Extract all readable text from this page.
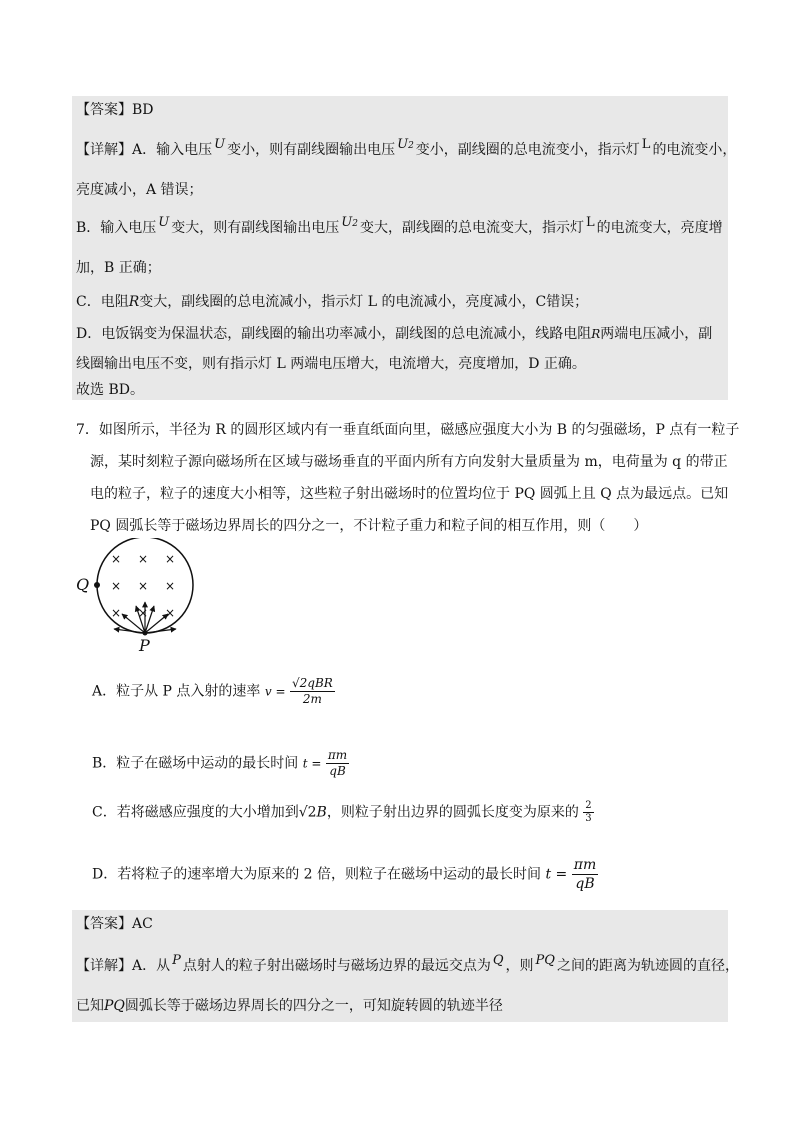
【答案】BD
【详解】A．输入电压 U 变小，则有副线圈输出电压 U2 变小，副线圈的总电流变小，指示灯 L 的电流变小，
亮度减小，A 错误；
B．输入电压 U 变大，则有副线图输出电压 U2 变大，副线圈的总电流变大，指示灯 L 的电流变大，亮度增
加，B 正确；
C．电阻R变大，副线圈的总电流减小，指示灯 L 的电流减小，亮度减小，C错误；
D．电饭锅变为保温状态，副线圈的输出功率减小，副线图的总电流减小，线路电阻R两端电压减小，副
线圈输出电压不变，则有指示灯 L 两端电压增大，电流增大，亮度增加，D 正确。
故选 BD。
7．如图所示，半径为 R 的圆形区域内有一垂直纸面向里，磁感应强度大小为 B 的匀强磁场，P 点有一粒子
源，某时刻粒子源向磁场所在区域与磁场垂直的平面内所有方向发射大量质量为 m，电荷量为 q 的带正
电的粒子，粒子的速度大小相等，这些粒子射出磁场时的位置均位于 PQ 圆弧上且 Q 点为最远点。已知
PQ 圆弧长等于磁场边界周长的四分之一，不计粒子重力和粒子间的相互作用，则（　　）
× × ×
× × ×
× × ×
Q
P
A．粒子从 P 点入射的速率 $v = \frac{\text{√2qBR}}{2m}$
B．粒子在磁场中运动的最长时间 $t = \frac{\pi m}{qB}$
C．若将磁感应强度的大小增加到√2B，则粒子射出边界的圆弧长度变为原来的 $\frac{2}{3}$
D．若将粒子的速率增大为原来的 2 倍，则粒子在磁场中运动的最长时间 $t = \frac{\pi m}{qB}$
【答案】AC
【详解】A．从 P 点射人的粒子射出磁场时与磁场边界的最远交点为 Q ，则 PQ 之间的距离为轨迹圆的直径，
已知PQ圆弧长等于磁场边界周长的四分之一，可知旋转圆的轨迹半径
